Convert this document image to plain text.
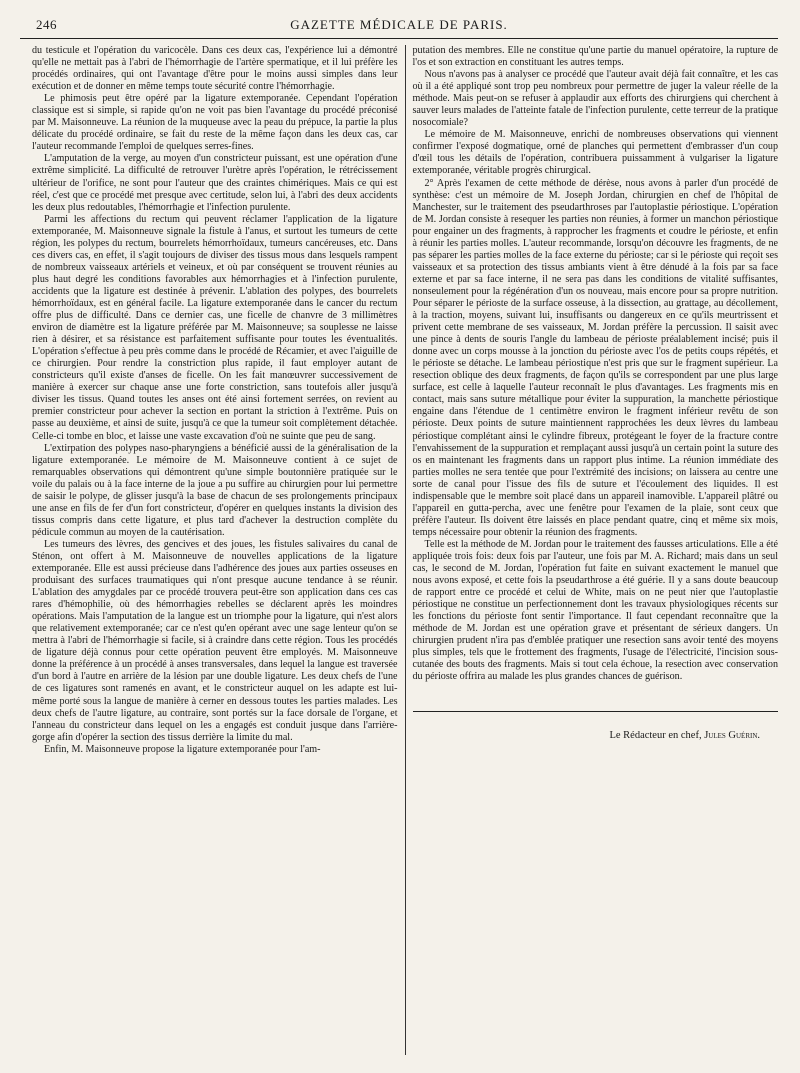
246	GAZETTE MÉDICALE DE PARIS.

du testicule et l'opération du varicocèle. Dans ces deux cas, l'expérience lui a démontré qu'elle ne mettait pas à l'abri de l'hémorrhagie de l'artère spermatique, et il lui préfère les procédés ordinaires, qui ont l'avantage d'être pour le moins aussi simples dans leur exécution et de donner en même temps toute sécurité contre l'hémorrhagie.

Le phimosis peut être opéré par la ligature extemporanée. Cependant l'opération classique est si simple, si rapide qu'on ne voit pas bien l'avantage du procédé préconisé par M. Maisonneuve. La réunion de la muqueuse avec la peau du prépuce, la partie la plus délicate du procédé ordinaire, se fait du reste de la même façon dans les deux cas, car l'auteur recommande l'emploi de quelques serres-fines.

L'amputation de la verge, au moyen d'un constricteur puissant, est une opération d'une extrême simplicité. La difficulté de retrouver l'urètre après l'opération, le rétrécissement ultérieur de l'orifice, ne sont pour l'auteur que des craintes chimériques. Mais ce qui est réel, c'est que ce procédé met presque avec certitude, selon lui, à l'abri des deux accidents les deux plus redoutables, l'hémorrhagie et l'infection purulente.

Parmi les affections du rectum qui peuvent réclamer l'application de la ligature extemporanée, M. Maisonneuve signale la fistule à l'anus, et surtout les tumeurs de cette région, les polypes du rectum, bourrelets hémorrhoïdaux, tumeurs cancéreuses, etc. Dans ces divers cas, en effet, il s'agit toujours de diviser des tissus mous dans lesquels rampent de nombreux vaisseaux artériels et veineux, et où par conséquent se trouvent réunies au plus haut degré les conditions favorables aux hémorrhagies et à l'infection purulente, accidents que la ligature est destinée à prévenir. L'ablation des polypes, des bourrelets hémorrhoïdaux, est en général facile. La ligature extemporanée dans le cancer du rectum offre plus de difficulté. Dans ce dernier cas, une ficelle de chanvre de 3 millimètres environ de diamètre est la ligature préférée par M. Maisonneuve; sa souplesse ne laisse rien à désirer, et sa résistance est parfaitement suffisante pour toutes les éventualités. L'opération s'effectue à peu près comme dans le procédé de Récamier, et avec l'aiguille de ce chirurgien. Pour rendre la constriction plus rapide, il faut employer autant de constricteurs qu'il existe d'anses de ficelle. On les fait manœuvrer successivement de manière à exercer sur chaque anse une forte constriction, sans toutefois aller jusqu'à diviser les tissus. Quand toutes les anses ont été ainsi fortement serrées, on revient au premier constricteur pour achever la section en portant la striction à l'extrême. Puis on passe au deuxième, et ainsi de suite, jusqu'à ce que la tumeur soit complètement détachée. Celle-ci tombe en bloc, et laisse une vaste excavation d'où ne suinte que peu de sang.

L'extirpation des polypes naso-pharyngiens a bénéficié aussi de la généralisation de la ligature extemporanée. Le mémoire de M. Maisonneuve contient à ce sujet de remarquables observations qui démontrent qu'une simple boutonnière pratiquée sur le voile du palais ou à la face interne de la joue a pu suffire au chirurgien pour lui permettre de saisir le polype, de glisser jusqu'à la base de chacun de ses prolongements principaux une anse en fils de fer d'un fort constricteur, d'opérer en quelques instants la division des tissus compris dans cette ligature, et plus tard d'achever la destruction complète du pédicule commun au moyen de la cautérisation.

Les tumeurs des lèvres, des gencives et des joues, les fistules salivaires du canal de Sténon, ont offert à M. Maisonneuve de nouvelles applications de la ligature extemporanée. Elle est aussi précieuse dans l'adhérence des joues aux parties osseuses en produisant des surfaces traumatiques qui n'ont presque aucune tendance à se réunir. L'ablation des amygdales par ce procédé trouvera peut-être son application dans ces cas rares d'hémophilie, où des hémorrhagies rebelles se déclarent après les moindres opérations. Mais l'amputation de la langue est un triomphe pour la ligature, qui n'est alors que relativement extemporanée; car ce n'est qu'en opérant avec une sage lenteur qu'on se mettra à l'abri de l'hémorrhagie si facile, si à craindre dans cette région. Tous les procédés de ligature déjà connus pour cette opération peuvent être employés. M. Maisonneuve donne la préférence à un procédé à anses transversales, dans lequel la langue est traversée d'un bord à l'autre en arrière de la lésion par une double ligature. Les deux chefs de l'une de ces ligatures sont ramenés en avant, et le constricteur auquel on les adapte est lui-même porté sous la langue de manière à cerner en dessous toutes les parties malades. Les deux chefs de l'autre ligature, au contraire, sont portés sur la face dorsale de l'organe, et l'anneau du constricteur dans lequel on les a engagés est conduit jusque dans l'arrière-gorge afin d'opérer la section des tissus derrière la limite du mal.

Enfin, M. Maisonneuve propose la ligature extemporanée pour l'am-

putation des membres. Elle ne constitue qu'une partie du manuel opératoire, la rupture de l'os et son extraction en constituant les autres temps.

Nous n'avons pas à analyser ce procédé que l'auteur avait déjà fait connaître, et les cas où il a été appliqué sont trop peu nombreux pour permettre de juger la valeur réelle de la méthode. Mais peut-on se refuser à applaudir aux efforts des chirurgiens qui cherchent à sauver leurs malades de l'atteinte fatale de l'infection purulente, cette terreur de la pratique nosocomiale?

Le mémoire de M. Maisonneuve, enrichi de nombreuses observations qui viennent confirmer l'exposé dogmatique, orné de planches qui permettent d'embrasser d'un coup d'œil tous les détails de l'opération, contribuera puissamment à vulgariser la ligature extemporanée, véritable progrès chirurgical.

2° Après l'examen de cette méthode de dérèse, nous avons à parler d'un procédé de synthèse: c'est un mémoire de M. Joseph Jordan, chirurgien en chef de l'hôpital de Manchester, sur le traitement des pseudarthroses par l'autoplastie périostique. L'opération de M. Jordan consiste à resequer les parties non réunies, à former un manchon périostique pour engainer un des fragments, à rapprocher les fragments et coudre le périoste, et enfin à réunir les parties molles. L'auteur recommande, lorsqu'on découvre les fragments, de ne pas séparer les parties molles de la face externe du périoste; car si le périoste qui reçoit ses vaisseaux et sa protection des tissus ambiants vient à être dénudé à la fois par sa face externe et par sa face interne, il ne sera pas dans les conditions de vitalité suffisantes, nonseulement pour la régénération d'un os nouveau, mais encore pour sa propre nutrition. Pour séparer le périoste de la surface osseuse, à la dissection, au grattage, au décollement, à la traction, moyens, suivant lui, insuffisants ou dangereux en ce qu'ils meurtrissent et privent cette membrane de ses vaisseaux, M. Jordan préfère la percussion. Il saisit avec une pince à dents de souris l'angle du lambeau de périoste préalablement incisé; puis il donne avec un corps mousse à la jonction du périoste avec l'os de petits coups répétés, et le périoste se détache. Le lambeau périostique n'est pris que sur le fragment supérieur. La resection oblique des deux fragments, de façon qu'ils se correspondent par une plus large surface, est celle à laquelle l'auteur reconnaît le plus d'avantages. Les fragments mis en contact, mais sans suture métallique pour éviter la suppuration, la manchette périostique engaine dans l'étendue de 1 centimètre environ le fragment inférieur revêtu de son périoste. Deux points de suture maintiennent rapprochées les deux lèvres du lambeau périostique complétant ainsi le cylindre fibreux, protégeant le foyer de la fracture contre l'envahissement de la suppuration et remplaçant aussi jusqu'à un certain point la suture des os en maintenant les fragments dans un rapport plus intime. La réunion immédiate des parties molles ne sera tentée que pour l'extrémité des incisions; on laissera au centre une sorte de canal pour l'issue des fils de suture et l'écoulement des liquides. Il est indispensable que le membre soit placé dans un appareil inamovible. L'appareil plâtré ou l'appareil en gutta-percha, avec une fenêtre pour l'examen de la plaie, sont ceux que préfère l'auteur. Ils doivent être laissés en place pendant quatre, cinq et même six mois, temps nécessaire pour obtenir la réunion des fragments.

Telle est la méthode de M. Jordan pour le traitement des fausses articulations. Elle a été appliquée trois fois: deux fois par l'auteur, une fois par M. A. Richard; mais dans un seul cas, le second de M. Jordan, l'opération fut faite en suivant exactement le manuel que nous avons exposé, et cette fois la pseudarthrose a été guérie. Il y a sans doute beaucoup de rapport entre ce procédé et celui de White, mais on ne peut nier que l'autoplastie périostique ne constitue un perfectionnement dont les travaux physiologiques récents sur les fonctions du périoste font sentir l'importance. Il faut cependant reconnaître que la méthode de M. Jordan est une opération grave et présentant de sérieux dangers. Un chirurgien prudent n'ira pas d'emblée pratiquer une resection sans avoir tenté des moyens plus simples, tels que le frottement des fragments, l'usage de l'électricité, l'incision sous-cutanée des bouts des fragments. Mais si tout cela échoue, la resection avec conservation du périoste offrira au malade les plus grandes chances de guérison.

Le Rédacteur en chef, Jules Guérin.
